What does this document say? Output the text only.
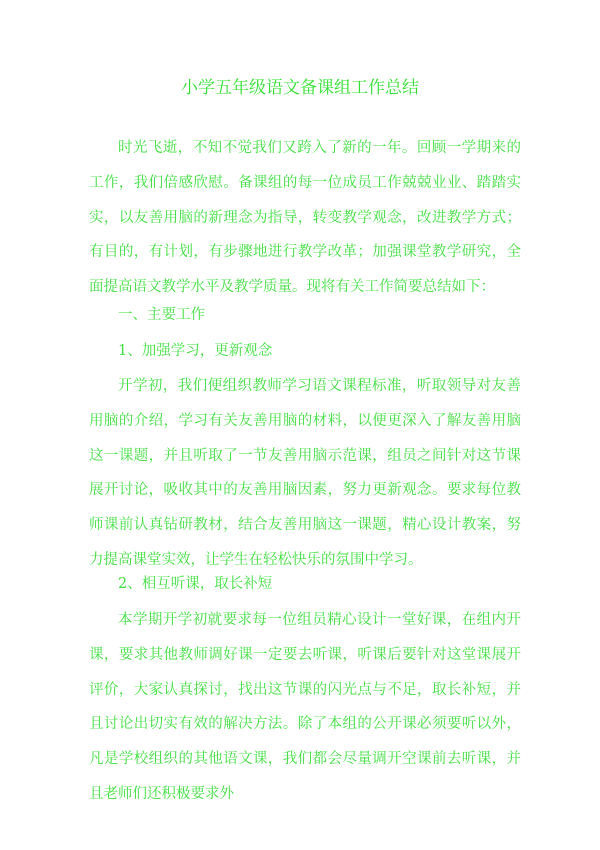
小学五年级语文备课组工作总结
时光飞逝，不知不觉我们又跨入了新的一年。回顾一学期来的工作，我们倍感欣慰。备课组的每一位成员工作兢兢业业、踏踏实实，以友善用脑的新理念为指导，转变教学观念，改进教学方式；有目的，有计划，有步骤地进行教学改革；加强课堂教学研究，全面提高语文教学水平及教学质量。现将有关工作简要总结如下：
一、主要工作
1、加强学习，更新观念
开学初，我们便组织教师学习语文课程标准，听取领导对友善用脑的介绍，学习有关友善用脑的材料，以便更深入了解友善用脑这一课题，并且听取了一节友善用脑示范课，组员之间针对这节课展开讨论，吸收其中的友善用脑因素，努力更新观念。要求每位教师课前认真钻研教材，结合友善用脑这一课题，精心设计教案，努力提高课堂实效，让学生在轻松快乐的氛围中学习。
2、相互听课，取长补短
本学期开学初就要求每一位组员精心设计一堂好课，在组内开课，要求其他教师调好课一定要去听课，听课后要针对这堂课展开评价，大家认真探讨，找出这节课的闪光点与不足，取长补短，并且讨论出切实有效的解决方法。除了本组的公开课必须要听以外，凡是学校组织的其他语文课，我们都会尽量调开空课前去听课，并且老师们还积极要求外
